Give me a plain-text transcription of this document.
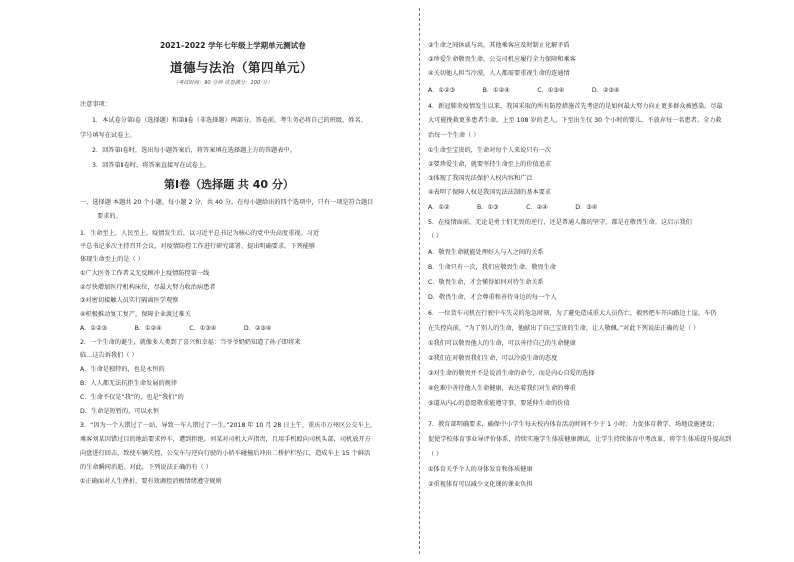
2021–2022 学年七年级上学期单元测试卷
道德与法治（第四单元）
（考试时间：90 分钟 试卷满分：100 分）
注意事项：
1．本试卷分第Ⅰ卷（选择题）和第Ⅱ卷（非选择题）两部分。答卷前，考生务必将自己的班级、姓名、
学号填写在试卷上。
2．回答第Ⅰ卷时，选出每小题答案后，将答案填在选择题上方的答题表中。
3．回答第Ⅱ卷时，将答案直接写在试卷上。
第Ⅰ卷（选择题 共 40 分）
一、选择题 本题共 20 个小题，每小题 2 分，共 40 分。在每小题给出的四个选项中，只有一项是符合题目
要求的。
1．生命至上，人民至上。疫情发生后，以习近平总书记为核心的党中央高度重视。习近
平总书记多次主持召开会议，对疫情防控工作进行研究部署、提出明确要求。下列能够
体现生命至上的是（ ）
①广大医务工作者义无反顾冲上疫情防控第一线
②尽快增加医疗机构床位，尽最大努力收治病患者
③对密切接触人员实行隔离医学观察
④积极推动复工复产，保障企业渡过难关
A．①②③              B．①②④              C．①③④              D．②③④
2．一个生命的诞生，就像多人类到了喜兴和幸福：当爷爷奶奶知道了孙子即将来
临…这告诉我们（ ）
A．生命是独特的，也是永恒的
B．人人都无法抗拒生命发展的规律
C．生命不仅是“我”的，也是“我们”的
D．生命是短暂的，可以永恒
3．“因为一个人错过了一站，导致一车人错过了一生。”2018 年 10 月 28 日上午，重庆市万州区公交车上，
乘客刘某因错过目的地站要求停车，遭到拒绝。刘某对司机大声指责，且用手机殴向司机头部，司机放开方
向盘进行回击，致使车辆失控，公交车与逆向行驶的小轿车碰撞后冲出二桥护栏坠江，造成车上 15 个鲜活
的生命瞬间消逝。对此，下列说法正确的有（ ）
①正确面对人生挫折，要有效调控消极情绪遵守规则
②生命之间休戚与共，其他乘客应及时制止化解矛盾
③珍爱生命敬畏生命，公交司机应履行全力保障和乘客
④关切他人担当冷漠，人人都需要重视生命的连通情
A．①②③              B．①②④              C．①③④              D．②③④
4．新冠肺炎疫情发生以来，我国采取的所有防控措施首先考虑的是如何最大努力向止更多群众被感染。尽最
大可能挽救更多患者生命。上至 108 岁的老人，下至出生仅 30 个小时的婴儿，不放弃每一名患者。全力救
治每一个生命（ ）
①生命至宝贵的，生命对每个人来说只有一次
②要珍爱生命，就要坚持生命至上的价值追求
③体现了我国宪法保护人权内容和广泛
④表明了保障人权是我国宪法法制的基本要求
A．①②              B．①③              C．②④              D．③④
5．在疫情面前，无论是勇士们无畏的逆行，还是普通人都的坚守，都是在敬畏生命。这启示我们
（ ）
A．敬畏生命就能处理好人与人之间的关系
B．生命只有一次，我们应敬畏生命，敬畏生命
C．敬畏生命，才会懂得如何对待生命关系
D．敬畏生命，才会尊重和善待身边的每一个人
6．一位货车司机在行驶中车失灵的危急时刻，为了避免造成重大人员伤亡，毅然把车开向路边土崖，车仍
在失控向前，“为了别人的生命，他献出了自己宝贵的生命，让人敬佩。”对此下列说法正确的是（ ）
①我们可以敬畏他人的生命，可以善待自己的生命健康
②我们在对敬畏我们生命，可以冷漠生命的态度
③对生命的敬畏并不是说消生命的命令，而是内心自爱的选择
④危难中善待他人生命健康，表达着我们对生命的尊重
⑤道从内心的意愿敬重能遵守事，要延伸生命的价值
7．教育部明确要求，确保中小学生每天校内体育活动时间不少于 1 小时；力促体育教学、场地设施建设；
促使学校体育事业导评价体系，持续实施学生体质健康测试，让学生持续体育中考改革，将学生体质提升提高到
（ ）
①体育关乎个人的身体发育和体质健康
②重视体育可以减少文化课的课业负担
